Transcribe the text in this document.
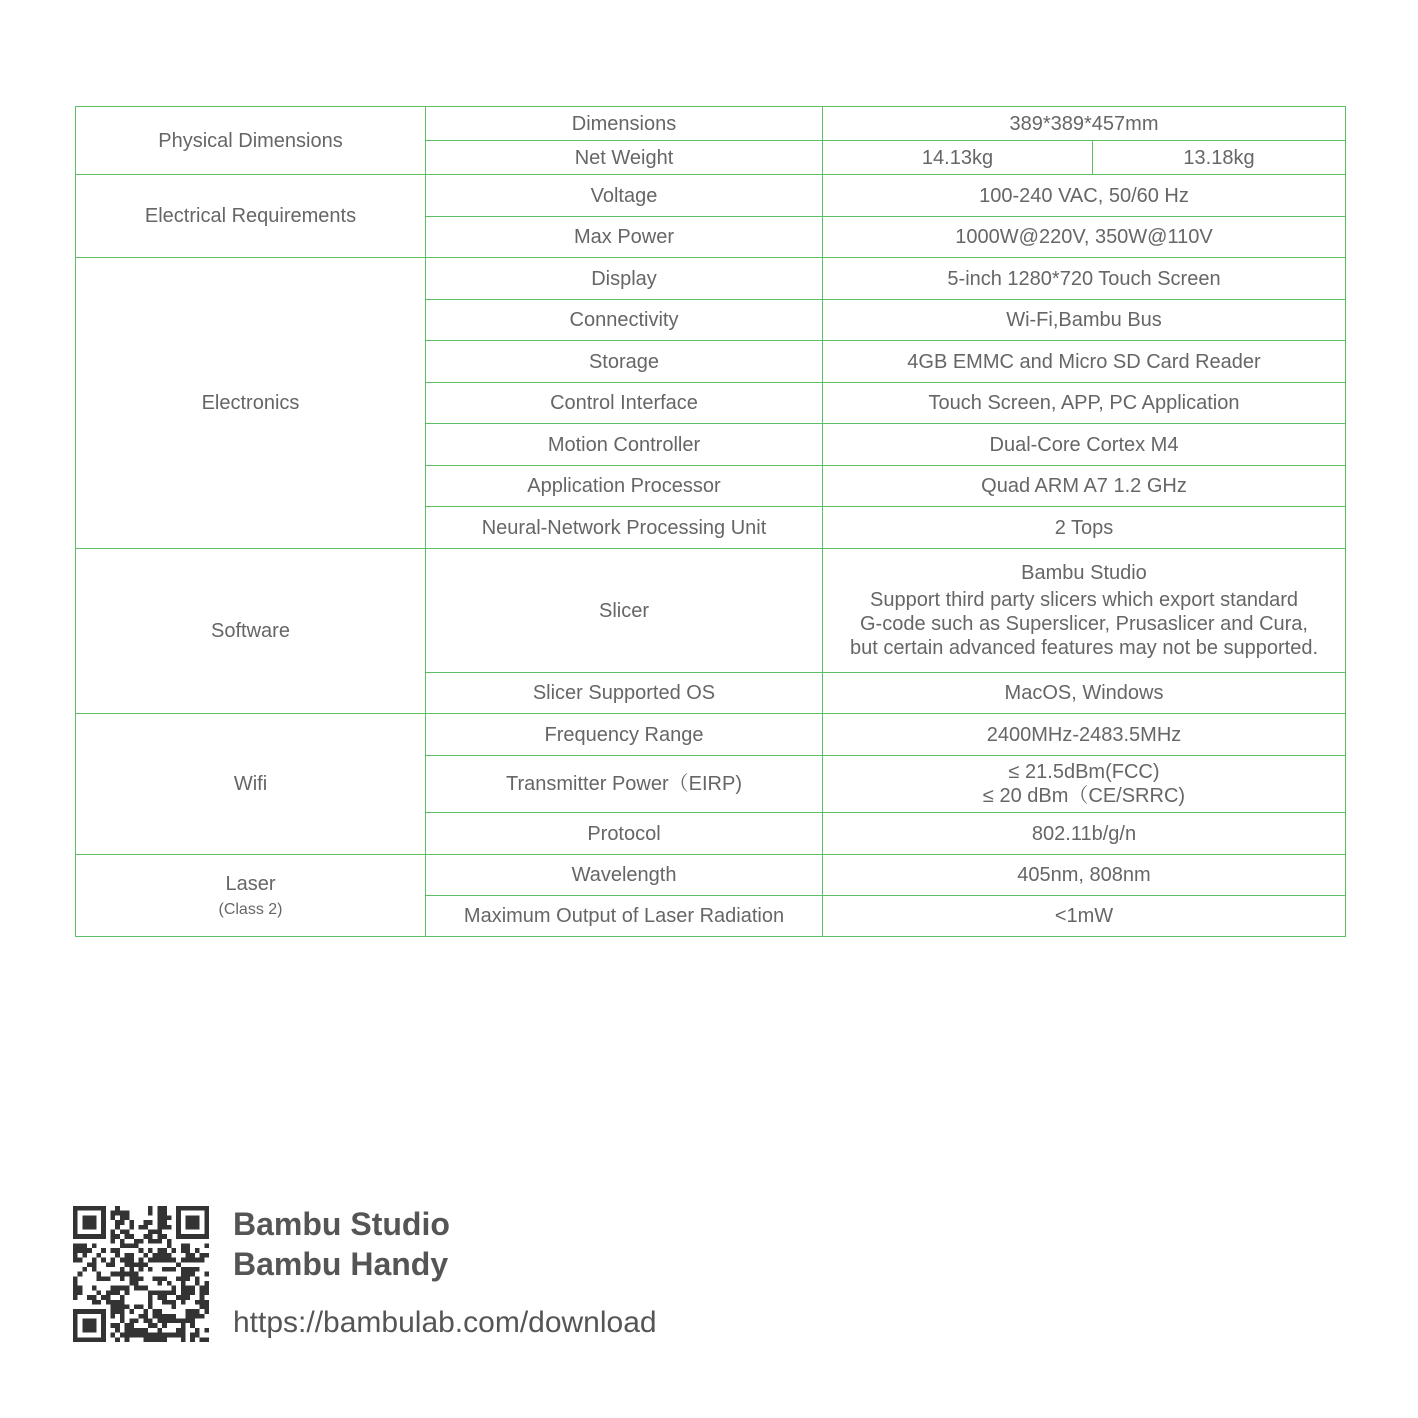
Physical Dimensions	Dimensions	389*389*457mm	
	Net Weight	14.13kg	13.18kg
Electrical Requirements	Voltage	100-240 VAC, 50/60 Hz	
	Max Power	1000W@220V, 350W@110V	
Electronics	Display	5-inch 1280*720 Touch Screen	
	Connectivity	Wi-Fi,Bambu Bus	
	Storage	4GB EMMC and Micro SD Card Reader	
	Control Interface	Touch Screen, APP, PC Application	
	Motion Controller	Dual-Core Cortex M4	
	Application Processor	Quad ARM A7 1.2 GHz	
	Neural-Network Processing Unit	2 Tops	
Software	Slicer	Bambu Studio
Support third party slicers which export standard
G-code such as Superslicer, Prusaslicer and Cura,
but certain advanced features may not be supported.	

	Slicer Supported OS	MacOS, Windows	
Wifi	Frequency Range	2400MHz-2483.5MHz	
	Transmitter Power（EIRP)	≤ 21.5dBm(FCC)
≤ 20 dBm（CE/SRRC)	

	Protocol	802.11b/g/n	
Laser
(Class 2)	Wavelength	405nm, 808nm	
	Maximum Output of Laser Radiation	<1mW	
Bambu Studio
Bambu Handy
https://bambulab.com/download
